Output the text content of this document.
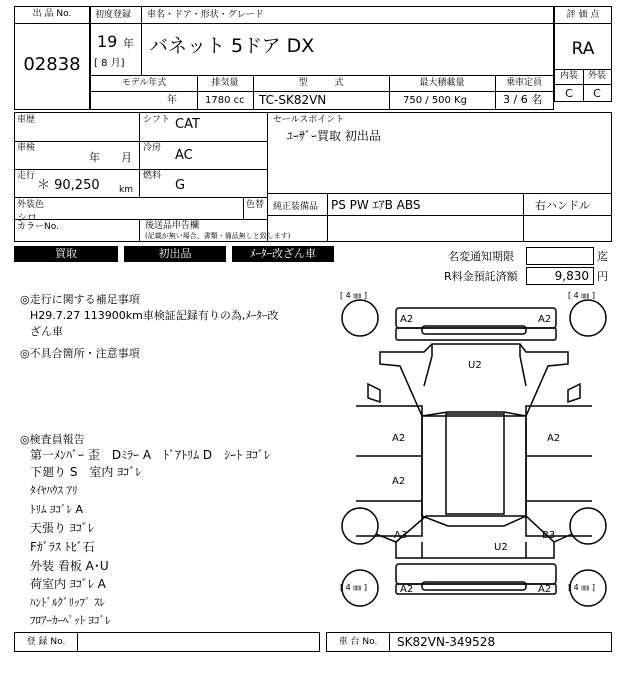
出 品 No.
02838
初度登録 車名・ドア・形状・グレード
19 年
[ 8 月]
バネット 5ドア DX
モデル年式	排気量	型　　　式	最大積載量	乗車定員
年	1780 cc TC-SK82VN	750 / 500 Kg	3 / 6 名
評 価 点
RA
内装	外装
C	C
車歴	シフト CAT
車検
年 月
冷房 AC
走行
＊ 90,250 km
燃料
G
外装色
シロ
色替
カラーNo.	後送品申告欄
(記載が無い場合、書類・備品無しと致します)
セールスポイント
ﾕｰｻﾞｰ買取 初出品
純正装備品 PS PW ｴｱB ABS	右ハンドル
買取	初出品	ﾒｰﾀｰ改ざん車	名変通知期限	迄
R料金預託済額	9,830 円
◎走行に関する補足事項
H29.7.27 113900km車検証記録有りの為,ﾒｰﾀｰ改
ざん車
◎不具合箇所・注意事項
◎検査員報告
第一ﾒﾝﾊﾞｰ 歪　Dﾐﾗｰ A　ﾄﾞｱﾄﾘﾑ D　ｼｰﾄ ﾖｺﾞﾚ
下廻り S　室内 ﾖｺﾞﾚ
ﾀｲﾔﾊｳｽ ｱﾘ
ﾄﾘﾑ ﾖｺﾞﾚ A
天張り ﾖｺﾞﾚ
Fｶﾞﾗｽ ﾄﾋﾞ石
外装 看板 A･U
荷室内 ﾖｺﾞﾚ A
ﾊﾝﾄﾞﾙｸﾞﾘｯﾌﾟ ｽﾚ
ﾌﾛｱｰｶｰﾍﾟｯﾄ ﾖｺﾞﾚ
[ 4 ㎜ ]	[ 4 ㎜ ]
[ 4 ㎜ ]	[ 4 ㎜ ]
A2	A2
U2
A2	A2
A2
A3	B3
U2
A2	A2
登 録 No.	車 台 No.	SK82VN-349528
